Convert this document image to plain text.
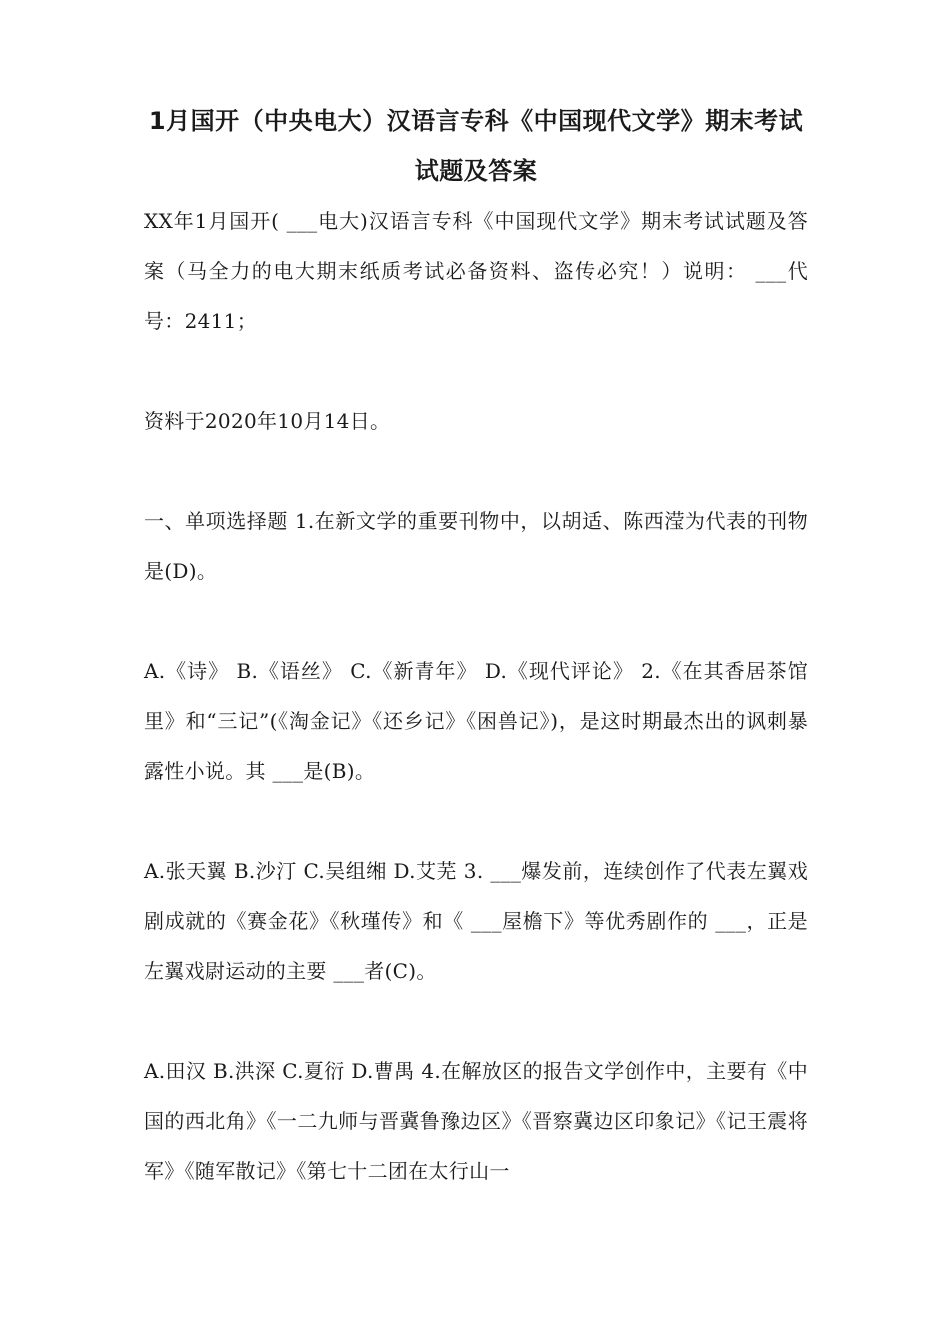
1月国开（中央电大）汉语言专科《中国现代文学》期末考试试题及答案

XX年1月国开( ___电大)汉语言专科《中国现代文学》期末考试试题及答案（马全力的电大期末纸质考试必备资料、盗传必究！）说明： ___代号：2411；

资料于2020年10月14日。

一、单项选择题 1.在新文学的重要刊物中，以胡适、陈西滢为代表的刊物是(D)。

A.《诗》 B.《语丝》 C.《新青年》 D.《现代评论》 2.《在其香居茶馆里》和“三记”(《淘金记》《还乡记》《困兽记》)，是这时期最杰出的讽刺暴露性小说。其 ___是(B)。

A.张天翼 B.沙汀 C.吴组缃 D.艾芜 3. ___爆发前，连续创作了代表左翼戏剧成就的《赛金花》《秋瑾传》和《 ___屋檐下》等优秀剧作的 ___，正是左翼戏尉运动的主要 ___者(C)。

A.田汉 B.洪深 C.夏衍 D.曹禺 4.在解放区的报告文学创作中，主要有《中国的西北角》《一二九师与晋冀鲁豫边区》《晋察冀边区印象记》《记王震将军》《随军散记》《第七十二团在太行山一
